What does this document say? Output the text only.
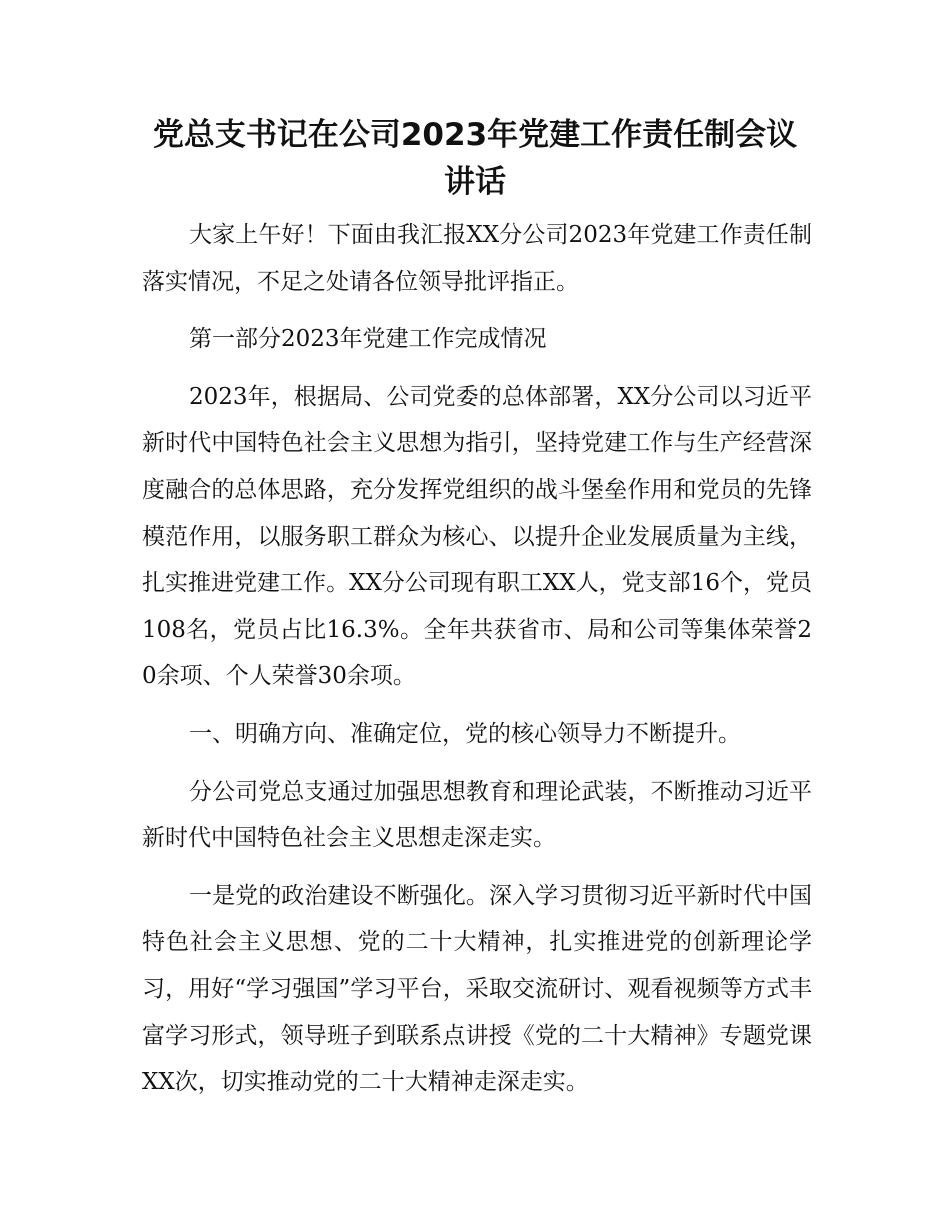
党总支书记在公司2023年党建工作责任制会议
讲话

大家上午好！下面由我汇报XX分公司2023年党建工作责任制落实情况，不足之处请各位领导批评指正。

第一部分2023年党建工作完成情况

2023年，根据局、公司党委的总体部署，XX分公司以习近平新时代中国特色社会主义思想为指引，坚持党建工作与生产经营深度融合的总体思路，充分发挥党组织的战斗堡垒作用和党员的先锋模范作用，以服务职工群众为核心、以提升企业发展质量为主线，扎实推进党建工作。XX分公司现有职工XX人，党支部16个，党员108名，党员占比16.3%。全年共获省市、局和公司等集体荣誉20余项、个人荣誉30余项。

一、明确方向、准确定位，党的核心领导力不断提升。

分公司党总支通过加强思想教育和理论武装，不断推动习近平新时代中国特色社会主义思想走深走实。

一是党的政治建设不断强化。深入学习贯彻习近平新时代中国特色社会主义思想、党的二十大精神，扎实推进党的创新理论学习，用好“学习强国”学习平台，采取交流研讨、观看视频等方式丰富学习形式，领导班子到联系点讲授《党的二十大精神》专题党课XX次，切实推动党的二十大精神走深走实。
